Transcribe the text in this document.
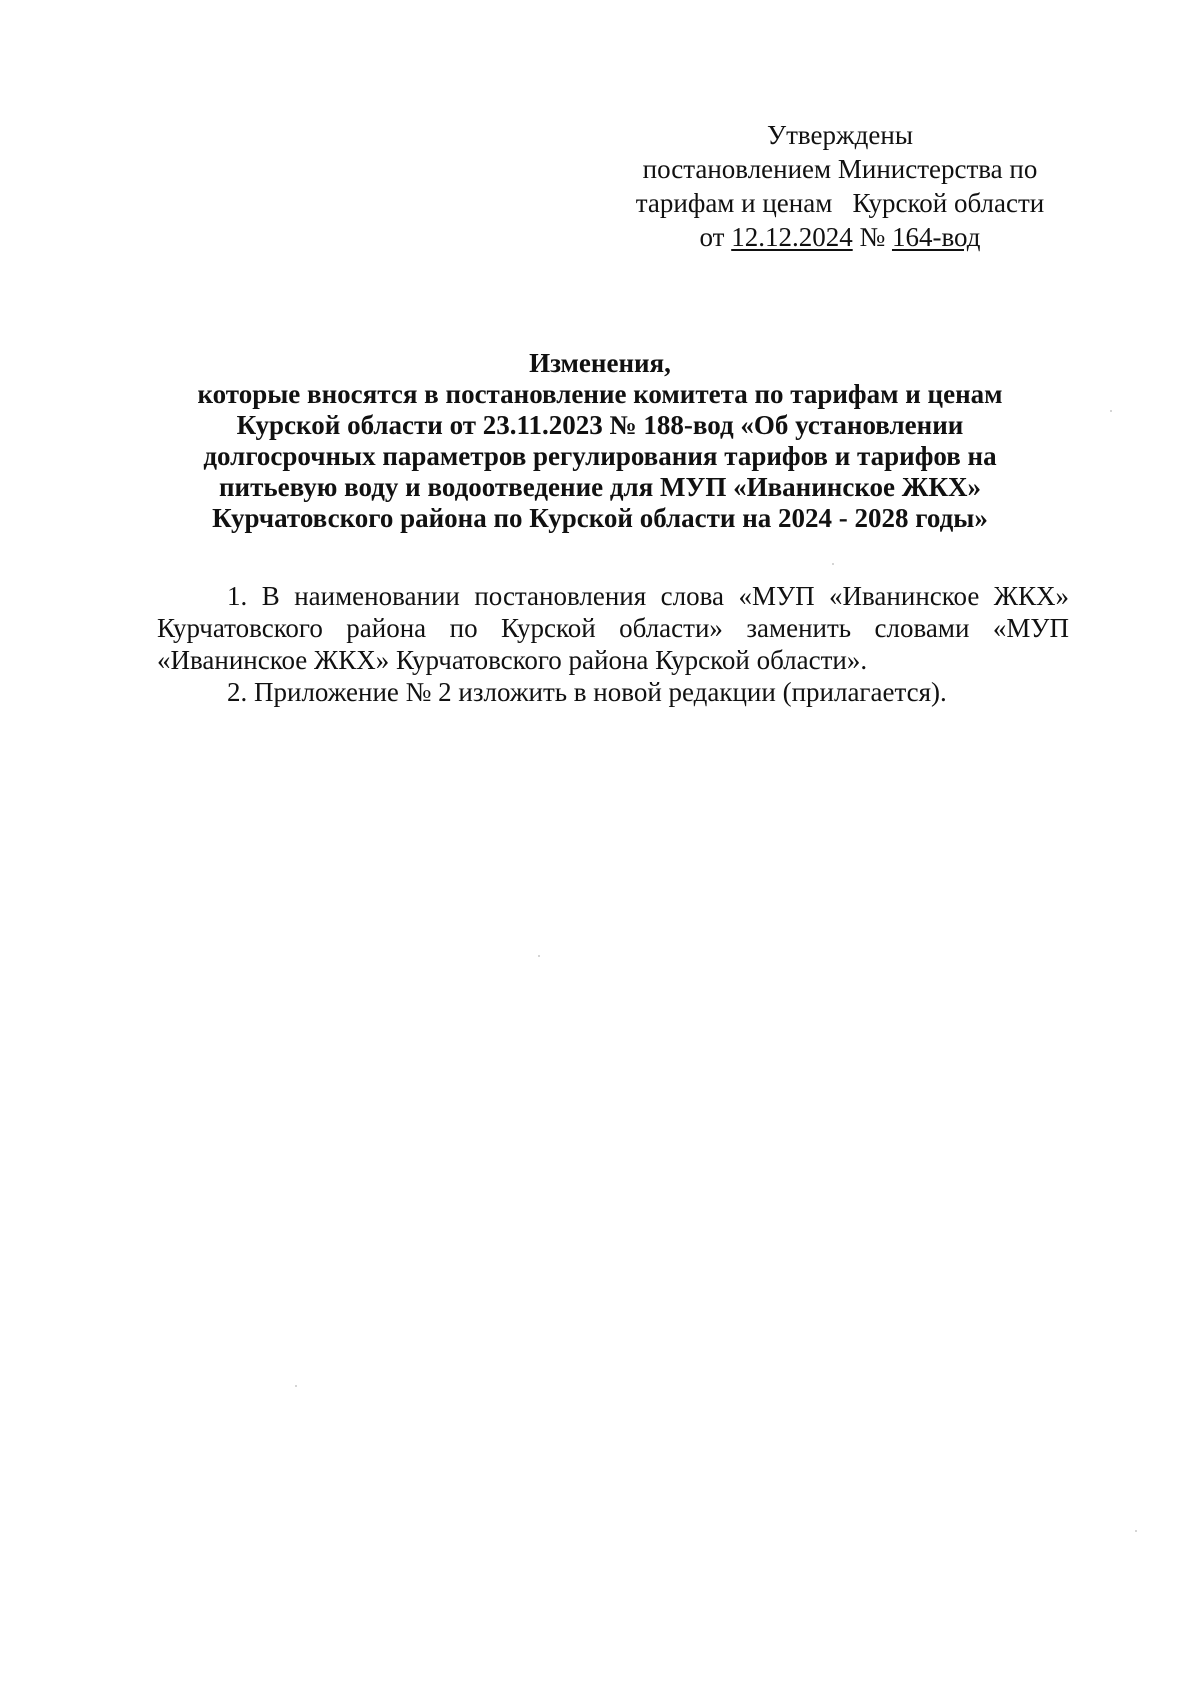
Утверждены
постановлением Министерства по
тарифам и ценам   Курской области
от 12.12.2024 № 164-вод
Изменения,
которые вносятся в постановление комитета по тарифам и ценам
Курской области от 23.11.2023 № 188-вод «Об установлении
долгосрочных параметров регулирования тарифов и тарифов на
питьевую воду и водоотведение для МУП «Иванинское ЖКХ»
Курчатовского района по Курской области на 2024 - 2028 годы»

1. В наименовании постановления слова «МУП «Иванинское ЖКХ» Курчатовского района по Курской области» заменить словами «МУП «Иванинское ЖКХ» Курчатовского района Курской области».

2. Приложение № 2 изложить в новой редакции (прилагается).
